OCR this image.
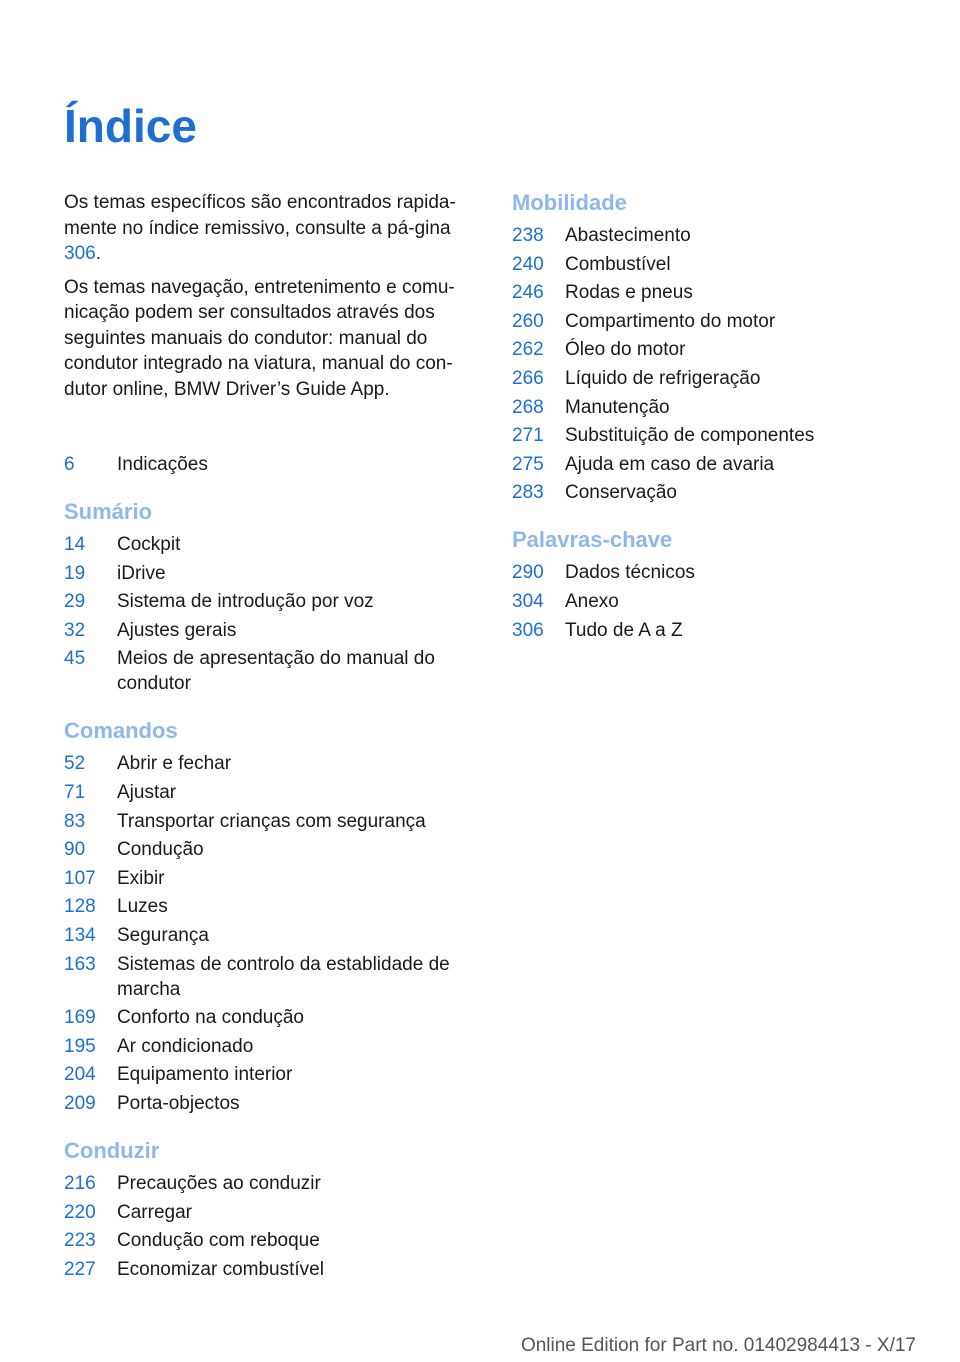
Índice

Os temas específicos são encontrados rapida-mente no índice remissivo, consulte a pá-gina 306.

Os temas navegação, entretenimento e comu-nicação podem ser consultados através dos seguintes manuais do condutor: manual do condutor integrado na viatura, manual do con-dutor online, BMW Driver’s Guide App.

6	Indicações
Sumário
14	Cockpit
19	iDrive
29	Sistema de introdução por voz
32	Ajustes gerais
45	Meios de apresentação do manual do condutor
Comandos
52	Abrir e fechar
71	Ajustar
83	Transportar crianças com segurança
90	Condução
107	Exibir
128	Luzes
134	Segurança
163	Sistemas de controlo da establidade de marcha
169	Conforto na condução
195	Ar condicionado
204	Equipamento interior
209	Porta-objectos
Conduzir
216	Precauções ao conduzir
220	Carregar
223	Condução com reboque
227	Economizar combustível
Mobilidade
238	Abastecimento
240	Combustível
246	Rodas e pneus
260	Compartimento do motor
262	Óleo do motor
266	Líquido de refrigeração
268	Manutenção
271	Substituição de componentes
275	Ajuda em caso de avaria
283	Conservação
Palavras-chave
290	Dados técnicos
304	Anexo
306	Tudo de A a Z
Online Edition for Part no. 01402984413 - X/17
